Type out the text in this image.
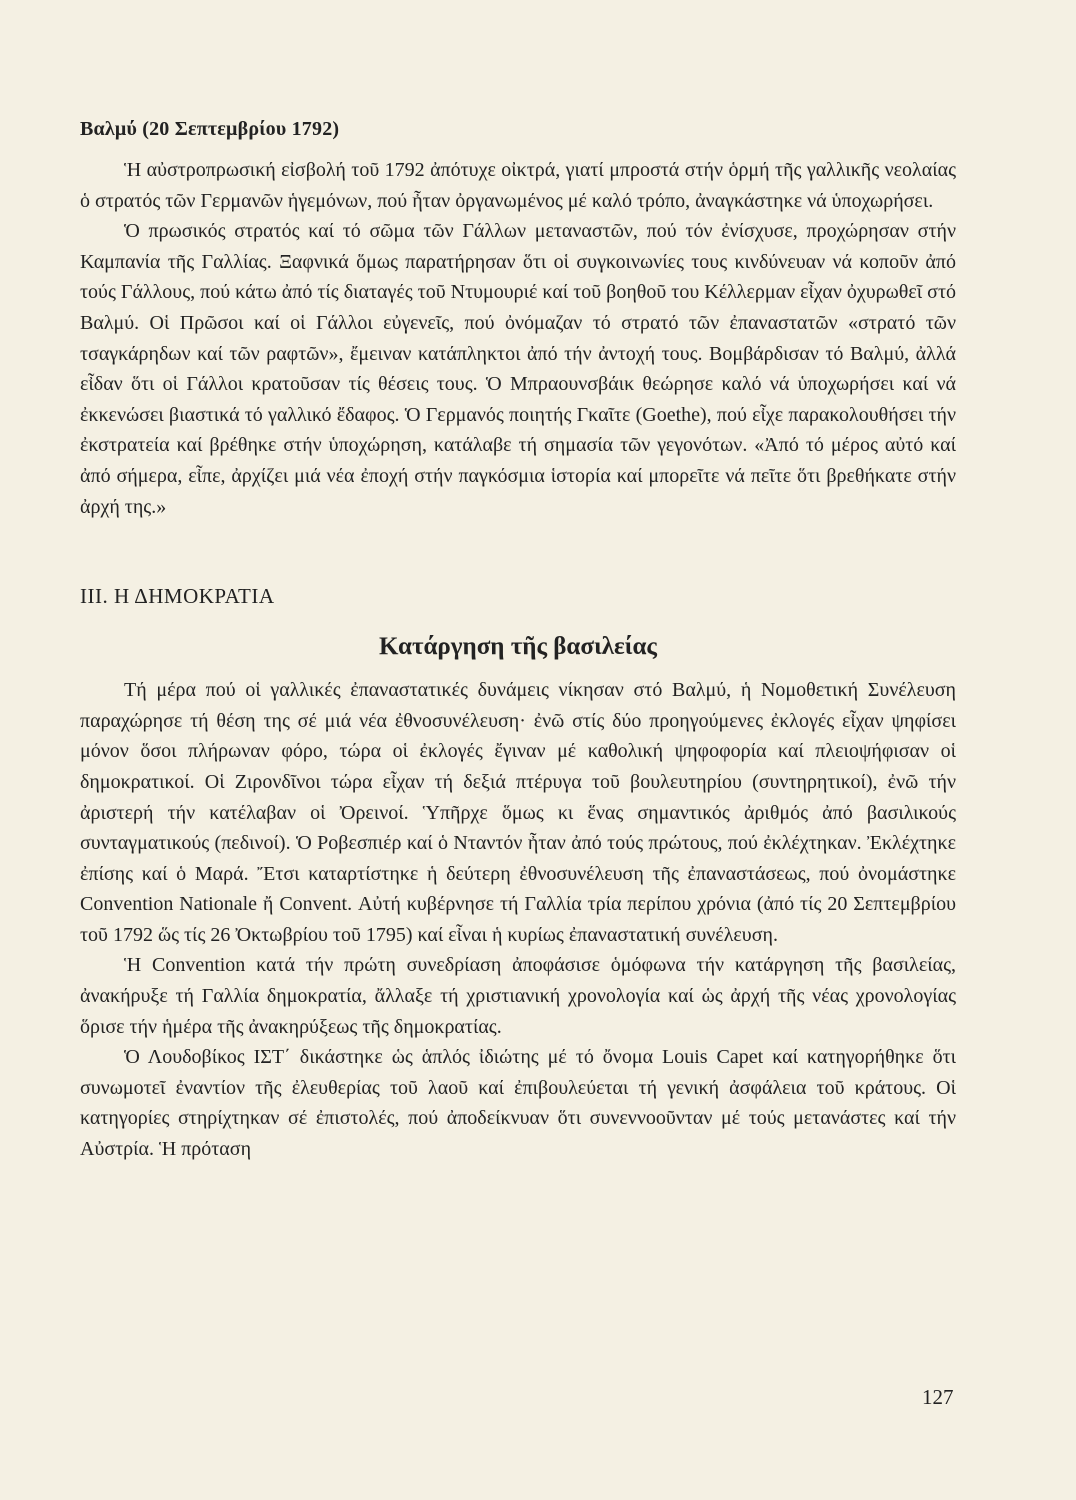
Βαλμύ (20 Σεπτεμβρίου 1792)

Ἡ αὐστροπρωσική εἰσβολή τοῦ 1792 ἀπότυχε οἰκτρά, γιατί μπροστά στήν ὁρμή τῆς γαλλικῆς νεολαίας ὁ στρατός τῶν Γερμανῶν ἡγεμόνων, πού ἦταν ὀργανωμένος μέ καλό τρόπο, ἀναγκάστηκε νά ὑποχωρήσει.

Ὁ πρωσικός στρατός καί τό σῶμα τῶν Γάλλων μεταναστῶν, πού τόν ἐνίσχυσε, προχώρησαν στήν Καμπανία τῆς Γαλλίας. Ξαφνικά ὅμως παρατήρησαν ὅτι οἱ συγκοινωνίες τους κινδύνευαν νά κοποῦν ἀπό τούς Γάλλους, πού κάτω ἀπό τίς διαταγές τοῦ Ντυμουριέ καί τοῦ βοηθοῦ του Κέλλερμαν εἶχαν ὀχυρωθεῖ στό Βαλμύ. Οἱ Πρῶσοι καί οἱ Γάλλοι εὐγενεῖς, πού ὀνόμαζαν τό στρατό τῶν ἐπαναστατῶν «στρατό τῶν τσαγκάρηδων καί τῶν ραφτῶν», ἔμειναν κατάπληκτοι ἀπό τήν ἀντοχή τους. Βομβάρδισαν τό Βαλμύ, ἀλλά εἶδαν ὅτι οἱ Γάλλοι κρατοῦσαν τίς θέσεις τους. Ὁ Μπραουνσβάικ θεώρησε καλό νά ὑποχωρήσει καί νά ἐκκενώσει βιαστικά τό γαλλικό ἔδαφος. Ὁ Γερμανός ποιητής Γκαῖτε (Goethe), πού εἶχε παρακολουθήσει τήν ἐκστρατεία καί βρέθηκε στήν ὑποχώρηση, κατάλαβε τή σημασία τῶν γεγονότων. «Ἀπό τό μέρος αὐτό καί ἀπό σήμερα, εἶπε, ἀρχίζει μιά νέα ἐποχή στήν παγκόσμια ἱστορία καί μπορεῖτε νά πεῖτε ὅτι βρεθήκατε στήν ἀρχή της.»

ΙΙΙ. Η ΔΗΜΟΚΡΑΤΙΑ
Κατάργηση τῆς βασιλείας

Τή μέρα πού οἱ γαλλικές ἐπαναστατικές δυνάμεις νίκησαν στό Βαλμύ, ἡ Νομοθετική Συνέλευση παραχώρησε τή θέση της σέ μιά νέα ἐθνοσυνέλευση· ἐνῶ στίς δύο προηγούμενες ἐκλογές εἶχαν ψηφίσει μόνον ὅσοι πλήρωναν φόρο, τώρα οἱ ἐκλογές ἔγιναν μέ καθολική ψηφοφορία καί πλειοψήφισαν οἱ δημοκρατικοί. Οἱ Ζιρονδῖνοι τώρα εἶχαν τή δεξιά πτέρυγα τοῦ βουλευτηρίου (συντηρητικοί), ἐνῶ τήν ἀριστερή τήν κατέλαβαν οἱ Ὀρεινοί. Ὑπῆρχε ὅμως κι ἕνας σημαντικός ἀριθμός ἀπό βασιλικούς συνταγματικούς (πεδινοί). Ὁ Ροβεσπιέρ καί ὁ Νταντόν ἦταν ἀπό τούς πρώτους, πού ἐκλέχτηκαν. Ἐκλέχτηκε ἐπίσης καί ὁ Μαρά. Ἔτσι καταρτίστηκε ἡ δεύτερη ἐθνοσυνέλευση τῆς ἐπαναστάσεως, πού ὀνομάστηκε Convention Nationale ἤ Convent. Αὐτή κυβέρνησε τή Γαλλία τρία περίπου χρόνια (ἀπό τίς 20 Σεπτεμβρίου τοῦ 1792 ὥς τίς 26 Ὀκτωβρίου τοῦ 1795) καί εἶναι ἡ κυρίως ἐπαναστατική συνέλευση.

Ἡ Convention κατά τήν πρώτη συνεδρίαση ἀποφάσισε ὁμόφωνα τήν κατάργηση τῆς βασιλείας, ἀνακήρυξε τή Γαλλία δημοκρατία, ἄλλαξε τή χριστιανική χρονολογία καί ὡς ἀρχή τῆς νέας χρονολογίας ὅρισε τήν ἡμέρα τῆς ἀνακηρύξεως τῆς δημοκρατίας.

Ὁ Λουδοβίκος ΙΣΤ΄ δικάστηκε ὡς ἁπλός ἰδιώτης μέ τό ὄνομα Louis Capet καί κατηγορήθηκε ὅτι συνωμοτεῖ ἐναντίον τῆς ἐλευθερίας τοῦ λαοῦ καί ἐπιβουλεύεται τή γενική ἀσφάλεια τοῦ κράτους. Οἱ κατηγορίες στηρίχτηκαν σέ ἐπιστολές, πού ἀποδείκνυαν ὅτι συνεννοοῦνταν μέ τούς μετανάστες καί τήν Αὐστρία. Ἡ πρόταση

127
